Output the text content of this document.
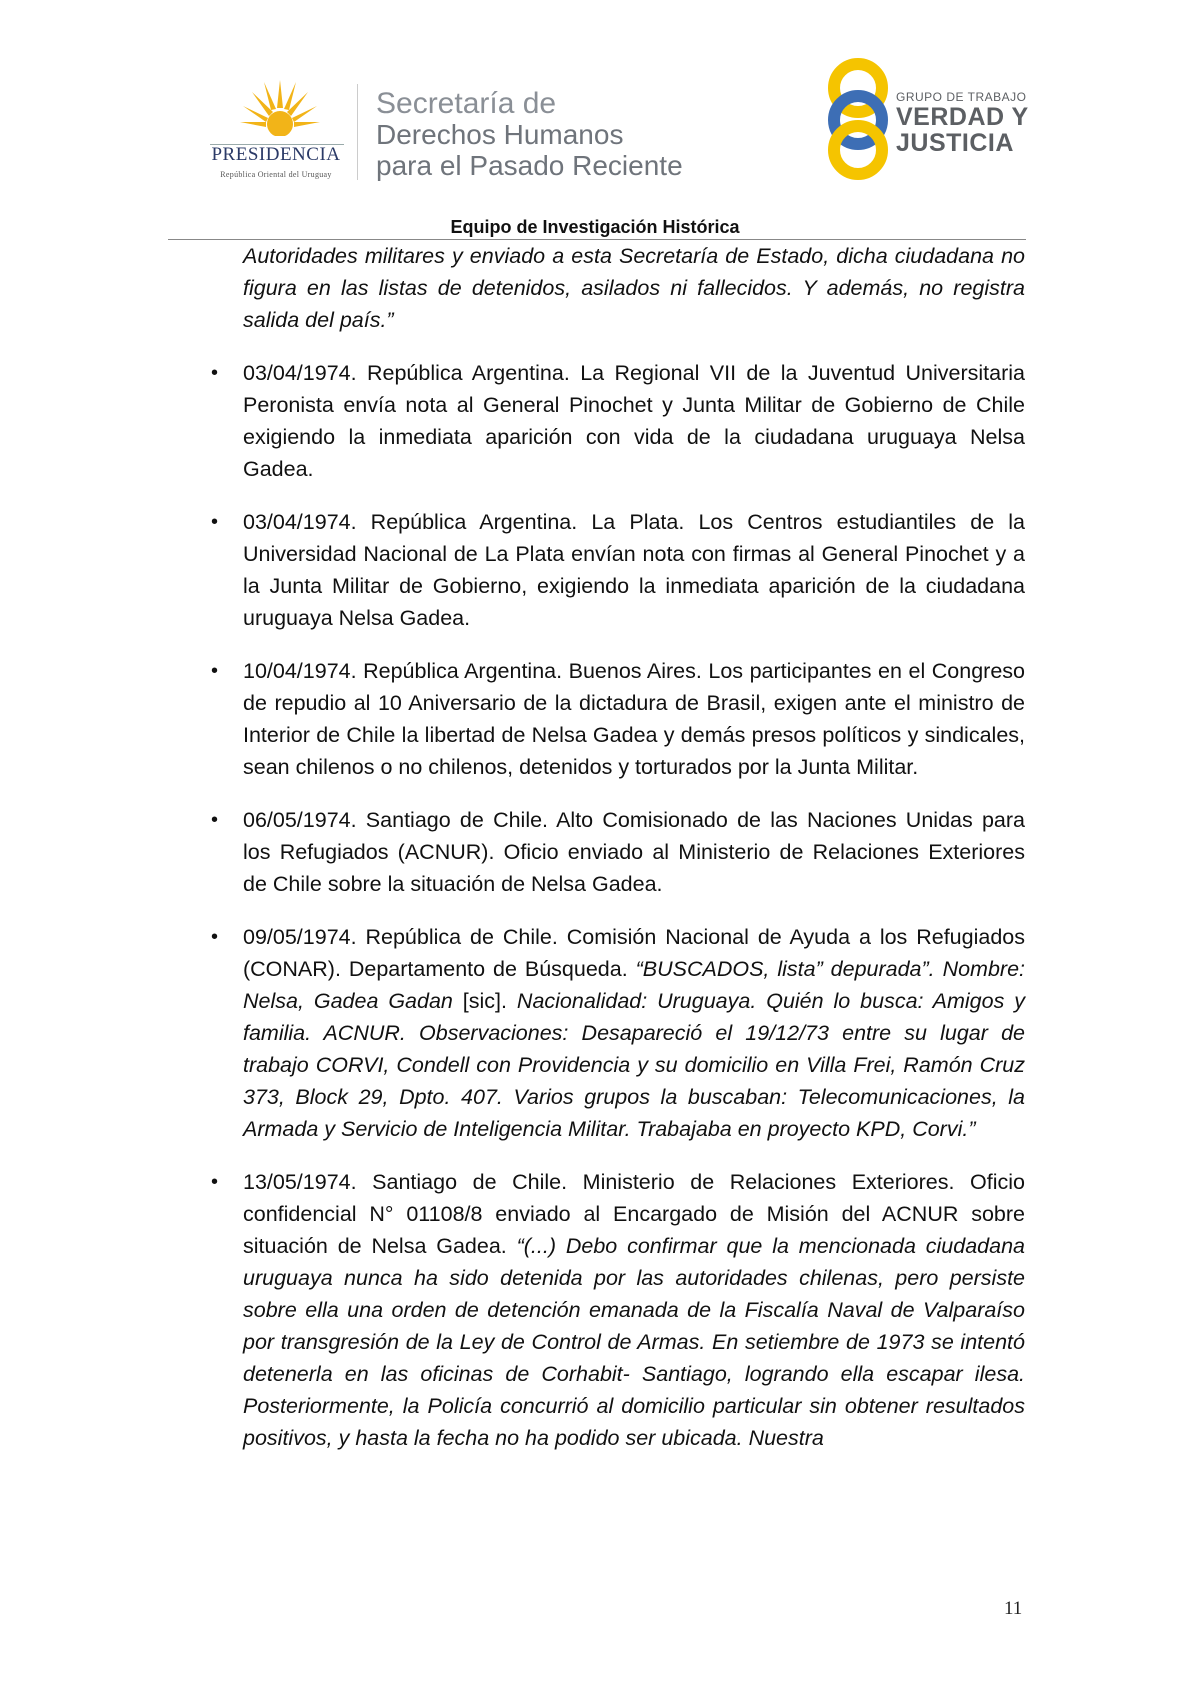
PRESIDENCIA
República Oriental del Uruguay
Secretaría de
Derechos Humanos
para el Pasado Reciente
GRUPO DE TRABAJO
VERDAD Y
JUSTICIA
Equipo de Investigación Histórica

Autoridades militares y enviado a esta Secretaría de Estado, dicha ciudadana no figura en las listas de detenidos, asilados ni fallecidos. Y además, no registra salida del país.”

• 03/04/1974. República Argentina. La Regional VII de la Juventud Universitaria Peronista envía nota al General Pinochet y Junta Militar de Gobierno de Chile exigiendo la inmediata aparición con vida de la ciudadana uruguaya Nelsa Gadea.

• 03/04/1974. República Argentina. La Plata. Los Centros estudiantiles de la Universidad Nacional de La Plata envían nota con firmas al General Pinochet y a la Junta Militar de Gobierno, exigiendo la inmediata aparición de la ciudadana uruguaya Nelsa Gadea.

• 10/04/1974. República Argentina. Buenos Aires. Los participantes en el Congreso de repudio al 10 Aniversario de la dictadura de Brasil, exigen ante el ministro de Interior de Chile la libertad de Nelsa Gadea y demás presos políticos y sindicales, sean chilenos o no chilenos, detenidos y torturados por la Junta Militar.

• 06/05/1974. Santiago de Chile. Alto Comisionado de las Naciones Unidas para los Refugiados (ACNUR). Oficio enviado al Ministerio de Relaciones Exteriores de Chile sobre la situación de Nelsa Gadea.

• 09/05/1974. República de Chile. Comisión Nacional de Ayuda a los Refugiados (CONAR). Departamento de Búsqueda. “BUSCADOS, lista” depurada”. Nombre: Nelsa, Gadea Gadan [sic]. Nacionalidad: Uruguaya. Quién lo busca: Amigos y familia. ACNUR. Observaciones: Desapareció el 19/12/73 entre su lugar de trabajo CORVI, Condell con Providencia y su domicilio en Villa Frei, Ramón Cruz 373, Block 29, Dpto. 407. Varios grupos la buscaban: Telecomunicaciones, la Armada y Servicio de Inteligencia Militar. Trabajaba en proyecto KPD, Corvi.”

• 13/05/1974. Santiago de Chile. Ministerio de Relaciones Exteriores. Oficio confidencial N° 01108/8 enviado al Encargado de Misión del ACNUR sobre situación de Nelsa Gadea. “(...) Debo confirmar que la mencionada ciudadana uruguaya nunca ha sido detenida por las autoridades chilenas, pero persiste sobre ella una orden de detención emanada de la Fiscalía Naval de Valparaíso por transgresión de la Ley de Control de Armas. En setiembre de 1973 se intentó detenerla en las oficinas de Corhabit- Santiago, logrando ella escapar ilesa. Posteriormente, la Policía concurrió al domicilio particular sin obtener resultados positivos, y hasta la fecha no ha podido ser ubicada. Nuestra

11
